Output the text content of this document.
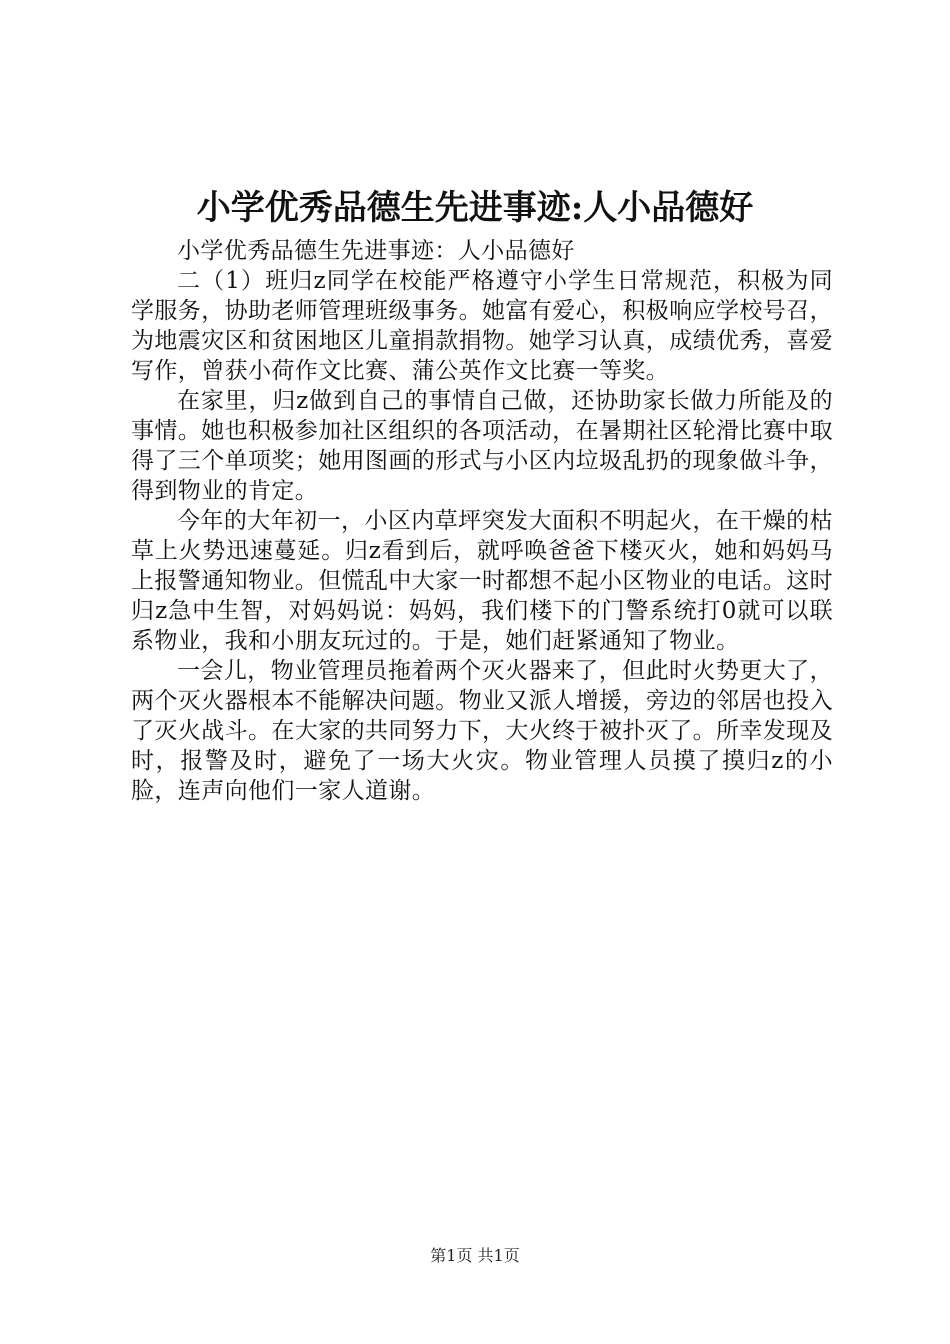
小学优秀品德生先进事迹:人小品德好

小学优秀品德生先进事迹：人小品德好

二（1）班归z同学在校能严格遵守小学生日常规范，积极为同学服务，协助老师管理班级事务。她富有爱心，积极响应学校号召，为地震灾区和贫困地区儿童捐款捐物。她学习认真，成绩优秀，喜爱写作，曾获小荷作文比赛、蒲公英作文比赛一等奖。

在家里，归z做到自己的事情自己做，还协助家长做力所能及的事情。她也积极参加社区组织的各项活动，在暑期社区轮滑比赛中取得了三个单项奖；她用图画的形式与小区内垃圾乱扔的现象做斗争，得到物业的肯定。

今年的大年初一，小区内草坪突发大面积不明起火，在干燥的枯草上火势迅速蔓延。归z看到后，就呼唤爸爸下楼灭火，她和妈妈马上报警通知物业。但慌乱中大家一时都想不起小区物业的电话。这时归z急中生智，对妈妈说：妈妈，我们楼下的门警系统打0就可以联系物业，我和小朋友玩过的。于是，她们赶紧通知了物业。

一会儿，物业管理员拖着两个灭火器来了，但此时火势更大了，两个灭火器根本不能解决问题。物业又派人增援，旁边的邻居也投入了灭火战斗。在大家的共同努力下，大火终于被扑灭了。所幸发现及时，报警及时，避免了一场大火灾。物业管理人员摸了摸归z的小脸，连声向他们一家人道谢。

第1页 共1页
